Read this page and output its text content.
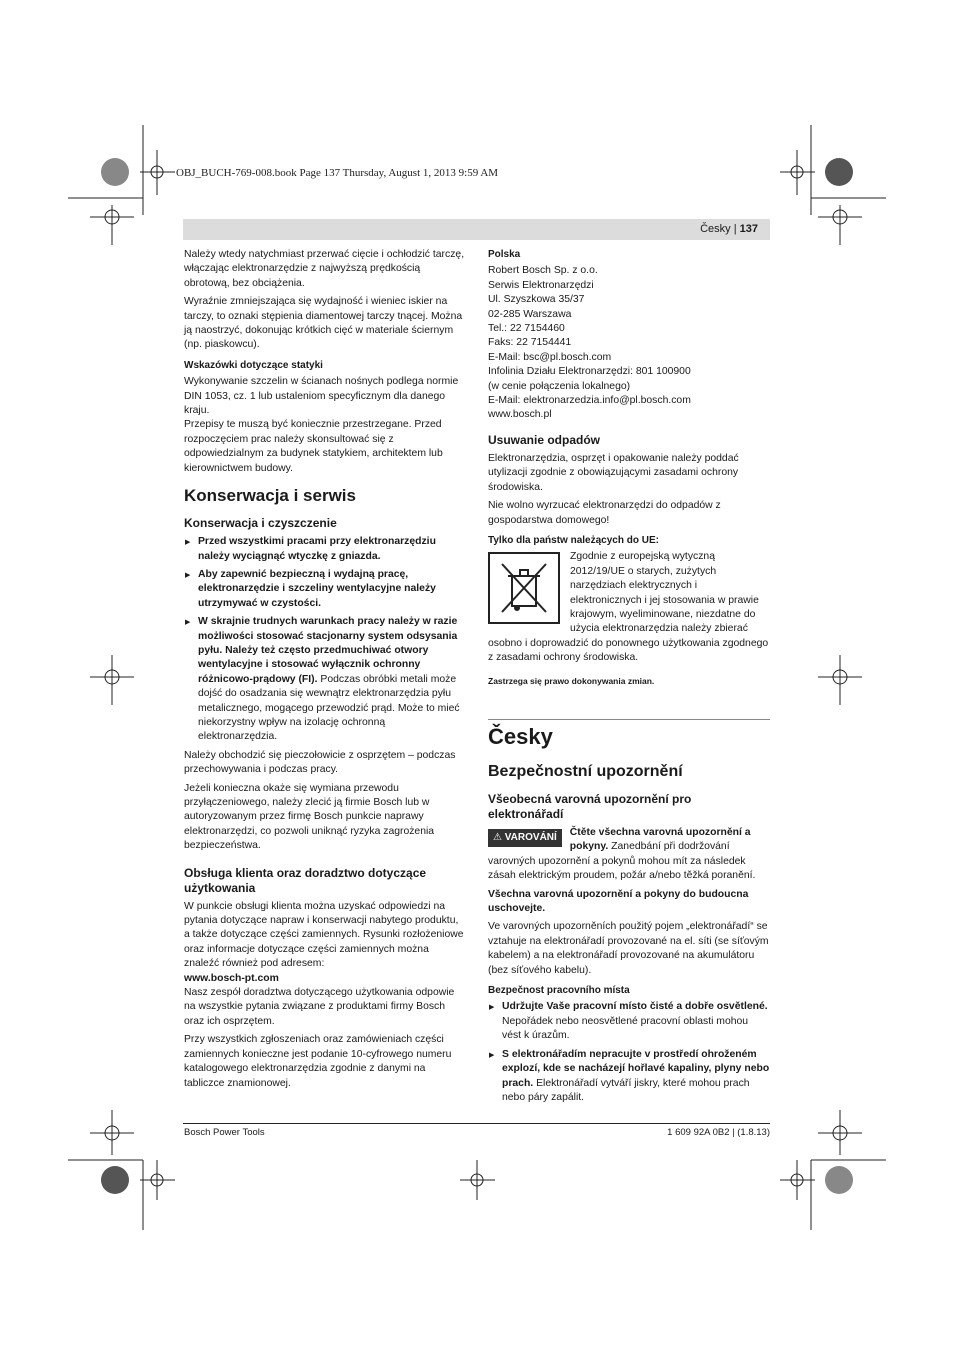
OBJ_BUCH-769-008.book Page 137 Thursday, August 1, 2013 9:59 AM
Česky | 137

Należy wtedy natychmiast przerwać cięcie i ochłodzić tarczę, włączając elektronarzędzie z najwyższą prędkością obrotową, bez obciążenia.

Wyraźnie zmniejszająca się wydajność i wieniec iskier na tarczy, to oznaki stępienia diamentowej tarczy tnącej. Można ją naostrzyć, dokonując krótkich cięć w materiale ściernym (np. piaskowcu).

Wskazówki dotyczące statyki

Wykonywanie szczelin w ścianach nośnych podlega normie DIN 1053, cz. 1 lub ustaleniom specyficznym dla danego kraju.

Przepisy te muszą być koniecznie przestrzegane. Przed rozpoczęciem prac należy skonsultować się z odpowiedzialnym za budynek statykiem, architektem lub kierownictwem budowy.

Konserwacja i serwis
Konserwacja i czyszczenie
▶ Przed wszystkimi pracami przy elektronarzędziu należy wyciągnąć wtyczkę z gniazda.
▶ Aby zapewnić bezpieczną i wydajną pracę, elektronarzędzie i szczeliny wentylacyjne należy utrzymywać w czystości.
▶ W skrajnie trudnych warunkach pracy należy w razie możliwości stosować stacjonarny system odsysania pyłu. Należy też często przedmuchiwać otwory wentylacyjne i stosować wyłącznik ochronny różnicowo-prądowy (FI). Podczas obróbki metali może dojść do osadzania się wewnątrz elektronarzędzia pyłu metalicznego, mogącego przewodzić prąd. Może to mieć niekorzystny wpływ na izolację ochronną elektronarzędzia.

Należy obchodzić się pieczołowicie z osprzętem – podczas przechowywania i podczas pracy.

Jeżeli konieczna okaże się wymiana przewodu przyłączeniowego, należy zlecić ją firmie Bosch lub w autoryzowanym przez firmę Bosch punkcie naprawy elektronarzędzi, co pozwoli uniknąć ryzyka zagrożenia bezpieczeństwa.

Obsługa klienta oraz doradztwo dotyczące użytkowania

W punkcie obsługi klienta można uzyskać odpowiedzi na pytania dotyczące napraw i konserwacji nabytego produktu, a także dotyczące części zamiennych. Rysunki rozłożeniowe oraz informacje dotyczące części zamiennych można znaleźć również pod adresem:

www.bosch-pt.com

Nasz zespół doradztwa dotyczącego użytkowania odpowie na wszystkie pytania związane z produktami firmy Bosch oraz ich osprzętem.

Przy wszystkich zgłoszeniach oraz zamówieniach części zamiennych konieczne jest podanie 10-cyfrowego numeru katalogowego elektronarzędzia zgodnie z danymi na tabliczce znamionowej.

Polska
Robert Bosch Sp. z o.o.
Serwis Elektronarzędzi
Ul. Szyszkowa 35/37
02-285 Warszawa
Tel.: 22 7154460
Faks: 22 7154441
E-Mail: bsc@pl.bosch.com
Infolinia Działu Elektronarzędzi: 801 100900
(w cenie połączenia lokalnego)
E-Mail: elektronarzedzia.info@pl.bosch.com
www.bosch.pl
Usuwanie odpadów

Elektronarzędzia, osprzęt i opakowanie należy poddać utylizacji zgodnie z obowiązującymi zasadami ochrony środowiska.

Nie wolno wyrzucać elektronarzędzi do odpadów z gospodarstwa domowego!

Tylko dla państw należących do UE:

Zgodnie z europejską wytyczną 2012/19/UE o starych, zużytych narzędziach elektrycznych i elektronicznych i jej stosowania w prawie krajowym, wyeliminowane, niezdatne do użycia elektronarzędzia należy zbierać osobno i doprowadzić do ponownego użytkowania zgodnego z zasadami ochrony środowiska.

Zastrzega się prawo dokonywania zmian.
Česky
Bezpečnostní upozornění
Všeobecná varovná upozornění pro elektronářadí
⚠ VAROVÁNÍ	Čtěte všechna varovná upozornění a pokyny. Zanedbání při dodržování varovných upozornění a pokynů mohou mít za následek zásah elektrickým proudem, požár a/nebo těžká poranění.

Všechna varovná upozornění a pokyny do budoucna uschovejte.

Ve varovných upozorněních použitý pojem „elektronářadí“ se vztahuje na elektronářadí provozované na el. síti (se síťovým kabelem) a na elektronářadí provozované na akumulátoru (bez síťového kabelu).

Bezpečnost pracovního místa
▶ Udržujte Vaše pracovní místo čisté a dobře osvětlené. Nepořádek nebo neosvětlené pracovní oblasti mohou vést k úrazům.
▶ S elektronářadím nepracujte v prostředí ohroženém explozí, kde se nacházejí hořlavé kapaliny, plyny nebo prach. Elektronářadí vytváří jiskry, které mohou prach nebo páry zapálit.
Bosch Power Tools	1 609 92A 0B2 | (1.8.13)
